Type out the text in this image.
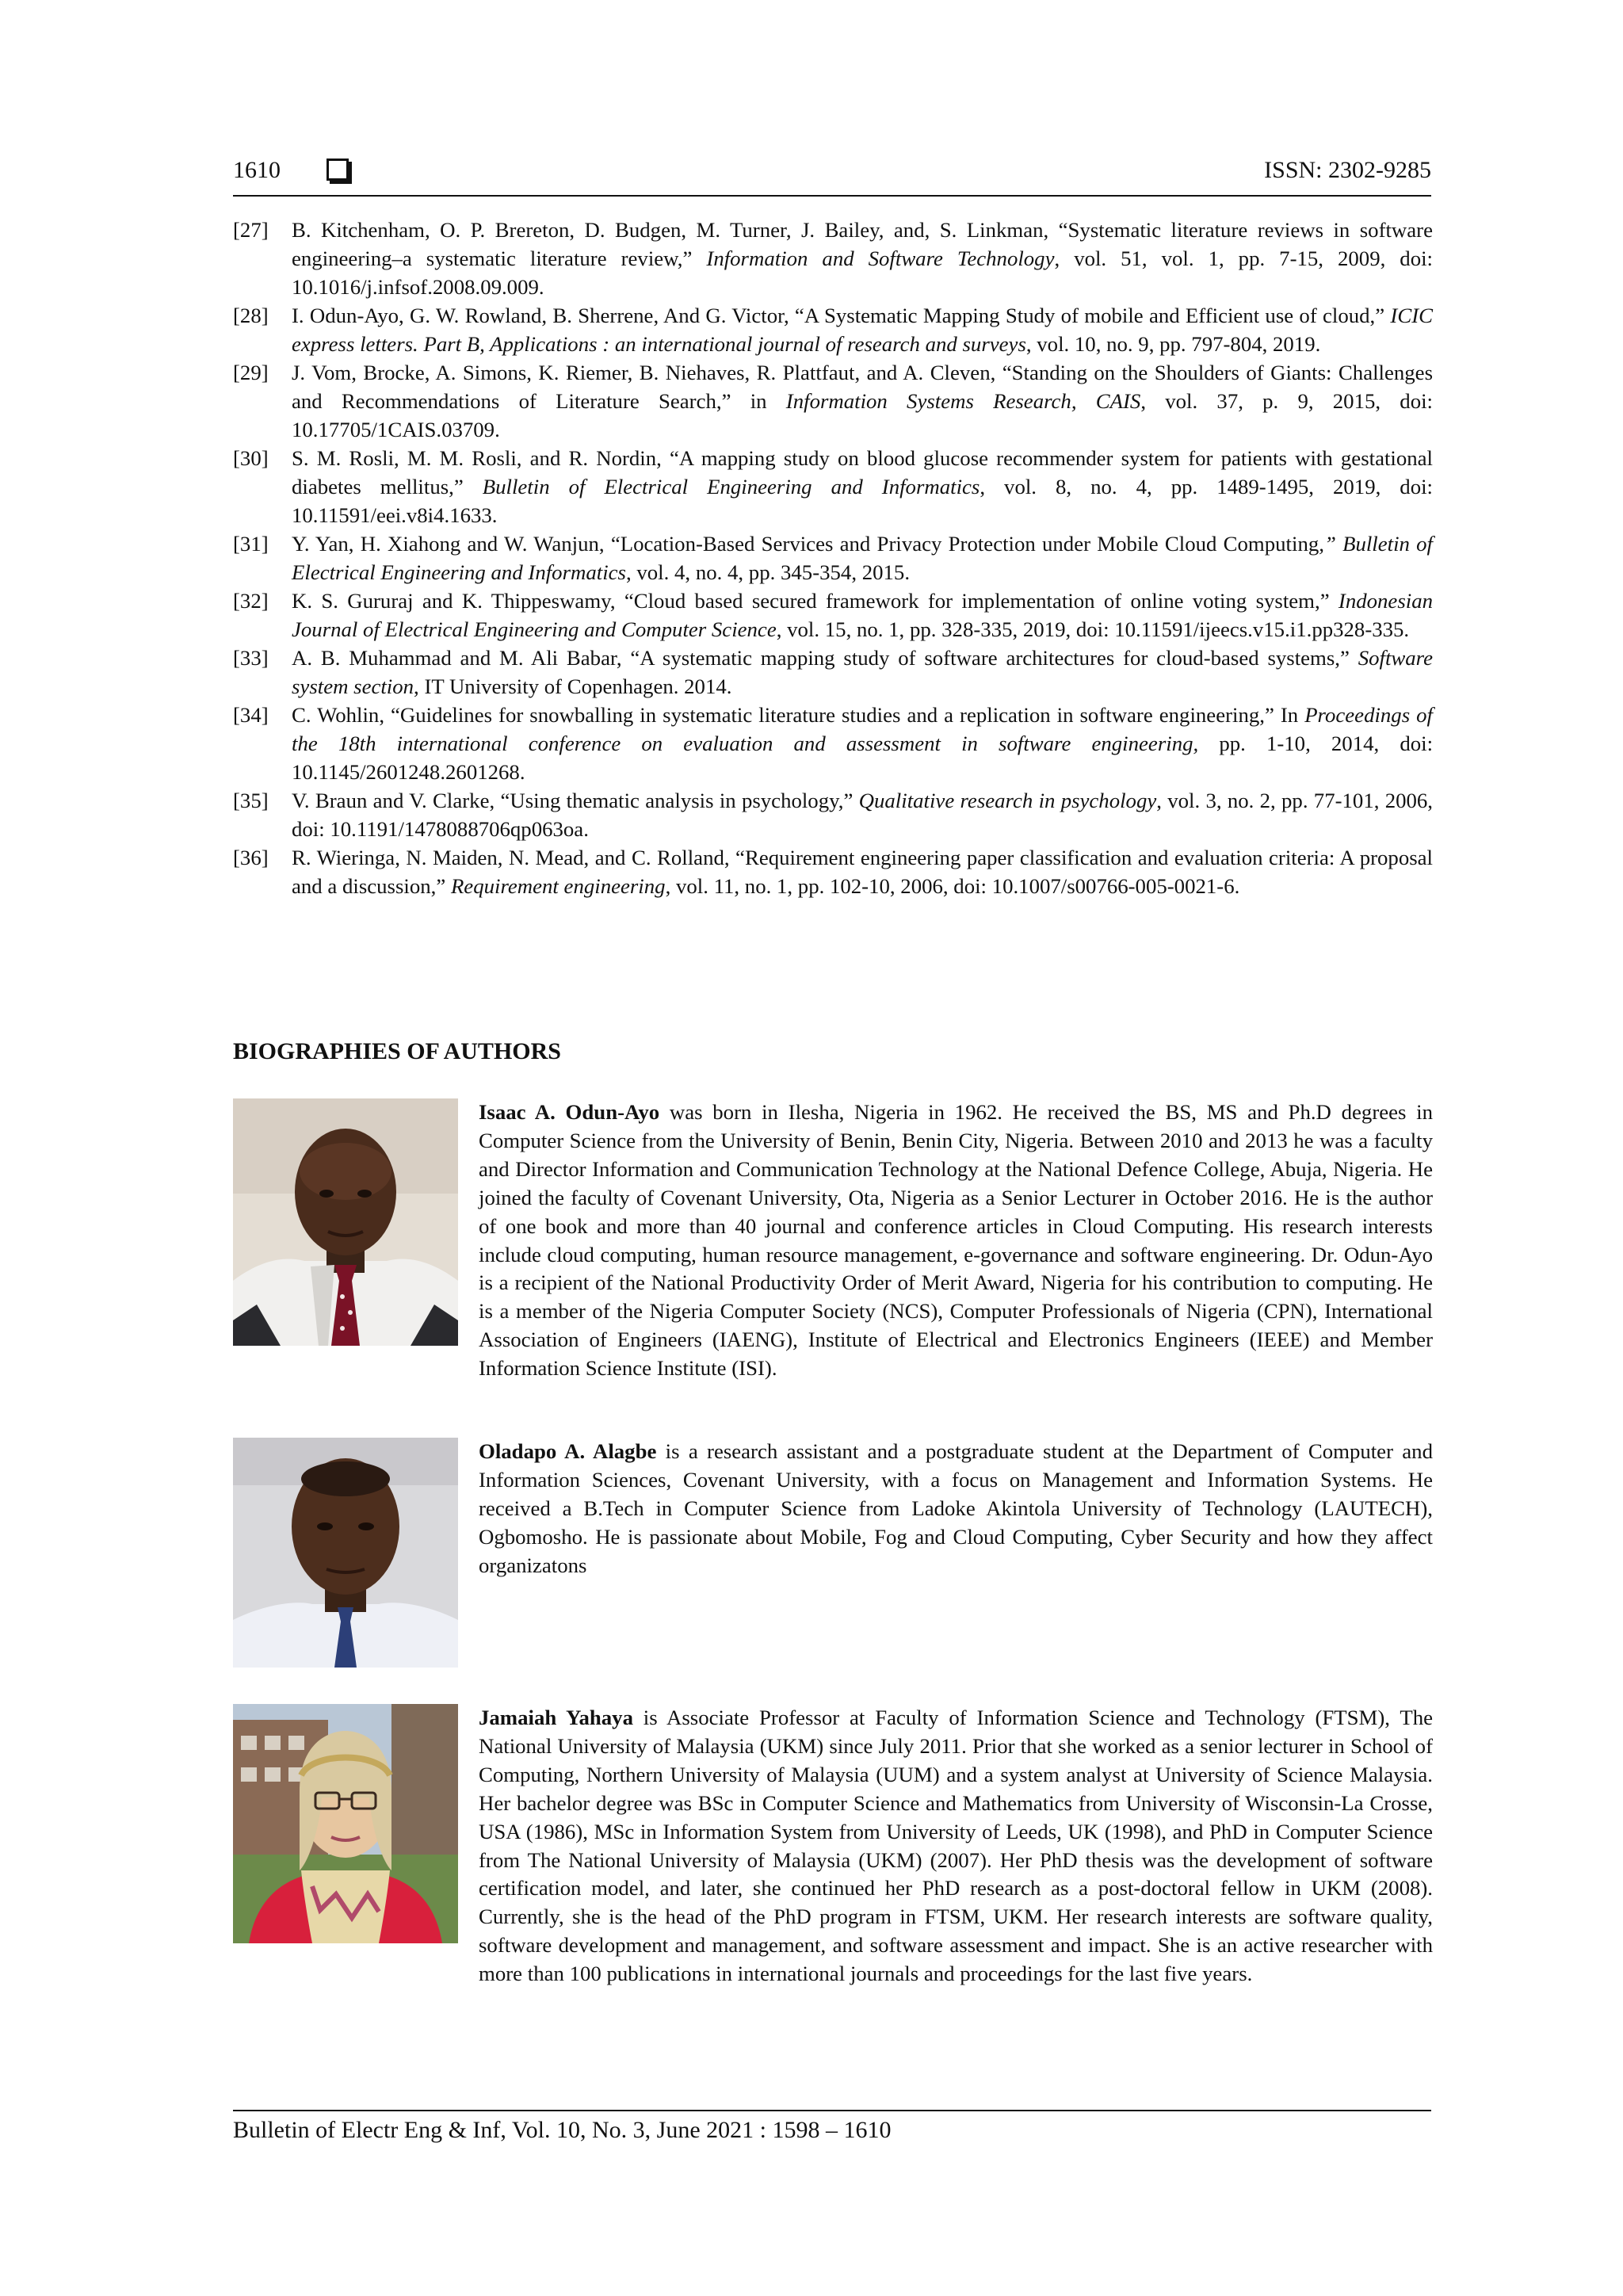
1610	ISSN: 2302-9285
[27] B. Kitchenham, O. P. Brereton, D. Budgen, M. Turner, J. Bailey, and, S. Linkman, “Systematic literature reviews in software engineering–a systematic literature review,” Information and Software Technology, vol. 51, vol. 1, pp. 7-15, 2009, doi: 10.1016/j.infsof.2008.09.009.
[28] I. Odun-Ayo, G. W. Rowland, B. Sherrene, And G. Victor, “A Systematic Mapping Study of mobile and Efficient use of cloud,” ICIC express letters. Part B, Applications : an international journal of research and surveys, vol. 10, no. 9, pp. 797-804, 2019.
[29] J. Vom, Brocke, A. Simons, K. Riemer, B. Niehaves, R. Plattfaut, and A. Cleven, “Standing on the Shoulders of Giants: Challenges and Recommendations of Literature Search,” in Information Systems Research, CAIS, vol. 37, p. 9, 2015, doi: 10.17705/1CAIS.03709.
[30] S. M. Rosli, M. M. Rosli, and R. Nordin, “A mapping study on blood glucose recommender system for patients with gestational diabetes mellitus,” Bulletin of Electrical Engineering and Informatics, vol. 8, no. 4, pp. 1489-1495, 2019, doi: 10.11591/eei.v8i4.1633.
[31] Y. Yan, H. Xiahong and W. Wanjun, “Location-Based Services and Privacy Protection under Mobile Cloud Computing,” Bulletin of Electrical Engineering and Informatics, vol. 4, no. 4, pp. 345-354, 2015.
[32] K. S. Gururaj and K. Thippeswamy, “Cloud based secured framework for implementation of online voting system,” Indonesian Journal of Electrical Engineering and Computer Science, vol. 15, no. 1, pp. 328-335, 2019, doi: 10.11591/ijeecs.v15.i1.pp328-335.
[33] A. B. Muhammad and M. Ali Babar, “A systematic mapping study of software architectures for cloud-based systems,” Software system section, IT University of Copenhagen. 2014.
[34] C. Wohlin, “Guidelines for snowballing in systematic literature studies and a replication in software engineering,” In Proceedings of the 18th international conference on evaluation and assessment in software engineering, pp. 1-10, 2014, doi: 10.1145/2601248.2601268.
[35] V. Braun and V. Clarke, “Using thematic analysis in psychology,” Qualitative research in psychology, vol. 3, no. 2, pp. 77-101, 2006, doi: 10.1191/1478088706qp063oa.
[36] R. Wieringa, N. Maiden, N. Mead, and C. Rolland, “Requirement engineering paper classification and evaluation criteria: A proposal and a discussion,” Requirement engineering, vol. 11, no. 1, pp. 102-10, 2006, doi: 10.1007/s00766-005-0021-6.
BIOGRAPHIES OF AUTHORS
Isaac A. Odun-Ayo was born in Ilesha, Nigeria in 1962. He received the BS, MS and Ph.D degrees in Computer Science from the University of Benin, Benin City, Nigeria. Between 2010 and 2013 he was a faculty and Director Information and Communication Technology at the National Defence College, Abuja, Nigeria. He joined the faculty of Covenant University, Ota, Nigeria as a Senior Lecturer in October 2016. He is the author of one book and more than 40 journal and conference articles in Cloud Computing. His research interests include cloud computing, human resource management, e-governance and software engineering. Dr. Odun-Ayo is a recipient of the National Productivity Order of Merit Award, Nigeria for his contribution to computing. He is a member of the Nigeria Computer Society (NCS), Computer Professionals of Nigeria (CPN), International Association of Engineers (IAENG), Institute of Electrical and Electronics Engineers (IEEE) and Member Information Science Institute (ISI).
Oladapo A. Alagbe is a research assistant and a postgraduate student at the Department of Computer and Information Sciences, Covenant University, with a focus on Management and Information Systems. He received a B.Tech in Computer Science from Ladoke Akintola University of Technology (LAUTECH), Ogbomosho. He is passionate about Mobile, Fog and Cloud Computing, Cyber Security and how they affect organizatons
Jamaiah Yahaya is Associate Professor at Faculty of Information Science and Technology (FTSM), The National University of Malaysia (UKM) since July 2011. Prior that she worked as a senior lecturer in School of Computing, Northern University of Malaysia (UUM) and a system analyst at University of Science Malaysia. Her bachelor degree was BSc in Computer Science and Mathematics from University of Wisconsin-La Crosse, USA (1986), MSc in Information System from University of Leeds, UK (1998), and PhD in Computer Science from The National University of Malaysia (UKM) (2007). Her PhD thesis was the development of software certification model, and later, she continued her PhD research as a post-doctoral fellow in UKM (2008). Currently, she is the head of the PhD program in FTSM, UKM. Her research interests are software quality, software development and management, and software assessment and impact. She is an active researcher with more than 100 publications in international journals and proceedings for the last five years.
Bulletin of Electr Eng & Inf, Vol. 10, No. 3, June 2021 : 1598 – 1610
